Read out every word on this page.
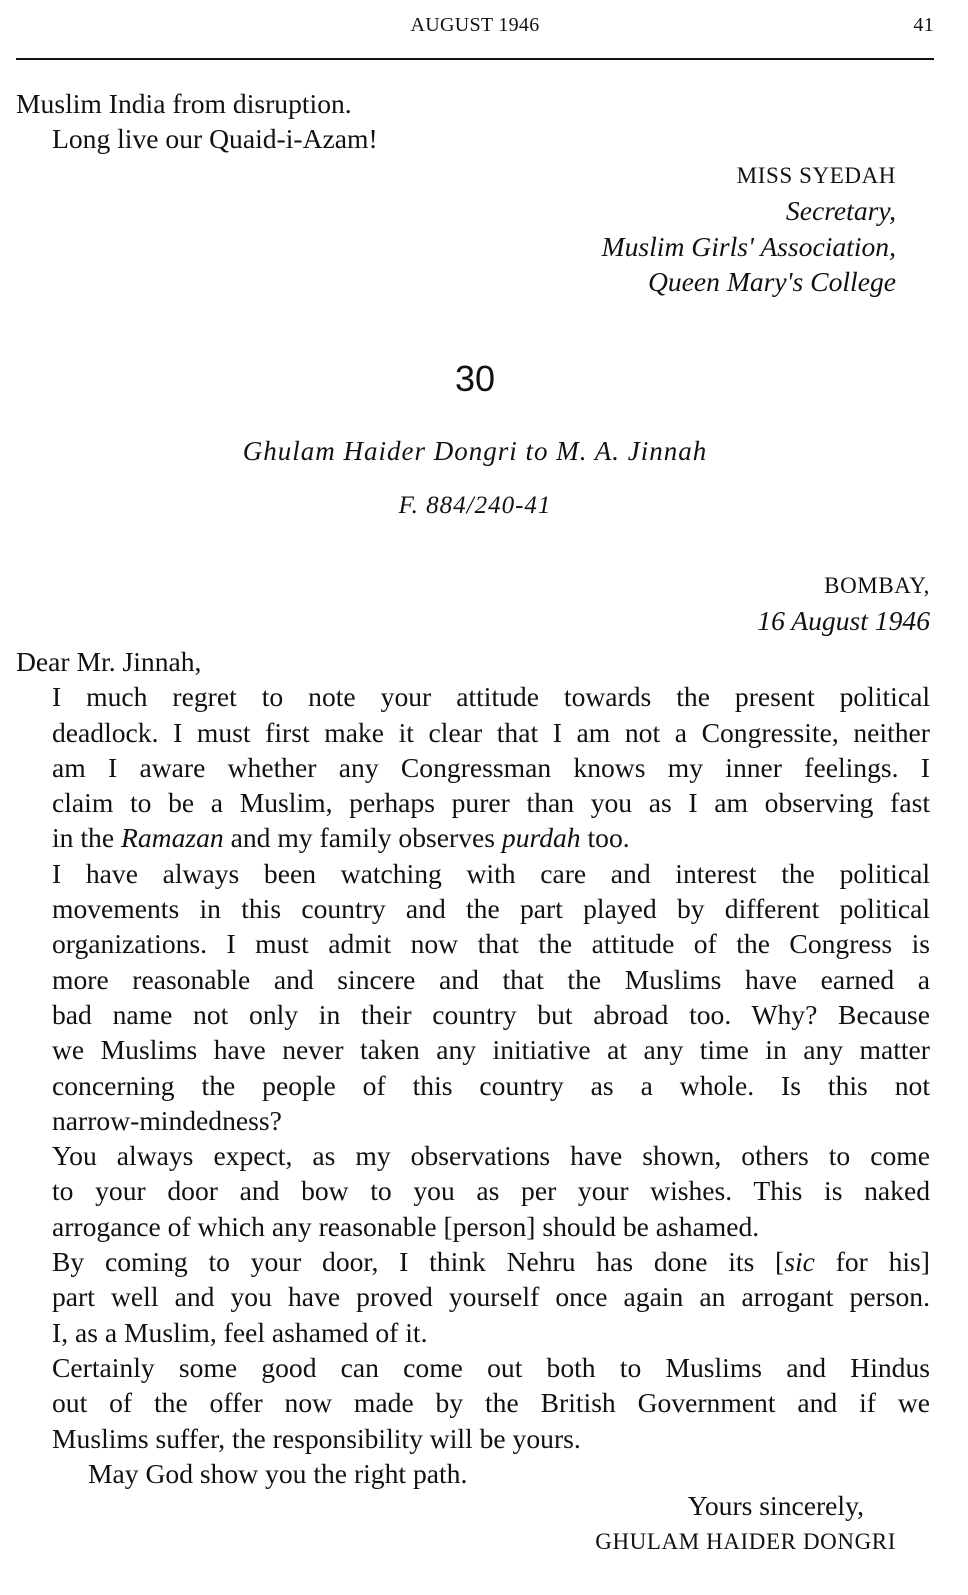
AUGUST 1946	41
Muslim India from disruption.
Long live our Quaid-i-Azam!
MISS SYEDAH
Secretary,
Muslim Girls' Association,
Queen Mary's College
30
Ghulam Haider Dongri to M. A. Jinnah
F. 884/240-41
BOMBAY,
16 August 1946
Dear Mr. Jinnah,
I much regret to note your attitude towards the present political
deadlock. I must first make it clear that I am not a Congressite, neither
am I aware whether any Congressman knows my inner feelings. I
claim to be a Muslim, perhaps purer than you as I am observing fast
in the Ramazan and my family observes purdah too.
I have always been watching with care and interest the political
movements in this country and the part played by different political
organizations. I must admit now that the attitude of the Congress is
more reasonable and sincere and that the Muslims have earned a
bad name not only in their country but abroad too. Why? Because
we Muslims have never taken any initiative at any time in any matter
concerning the people of this country as a whole. Is this not
narrow-mindedness?
You always expect, as my observations have shown, others to come
to your door and bow to you as per your wishes. This is naked
arrogance of which any reasonable [person] should be ashamed.
By coming to your door, I think Nehru has done its [sic for his]
part well and you have proved yourself once again an arrogant person.
I, as a Muslim, feel ashamed of it.
Certainly some good can come out both to Muslims and Hindus
out of the offer now made by the British Government and if we
Muslims suffer, the responsibility will be yours.
May God show you the right path.
Yours sincerely,
GHULAM HAIDER DONGRI
